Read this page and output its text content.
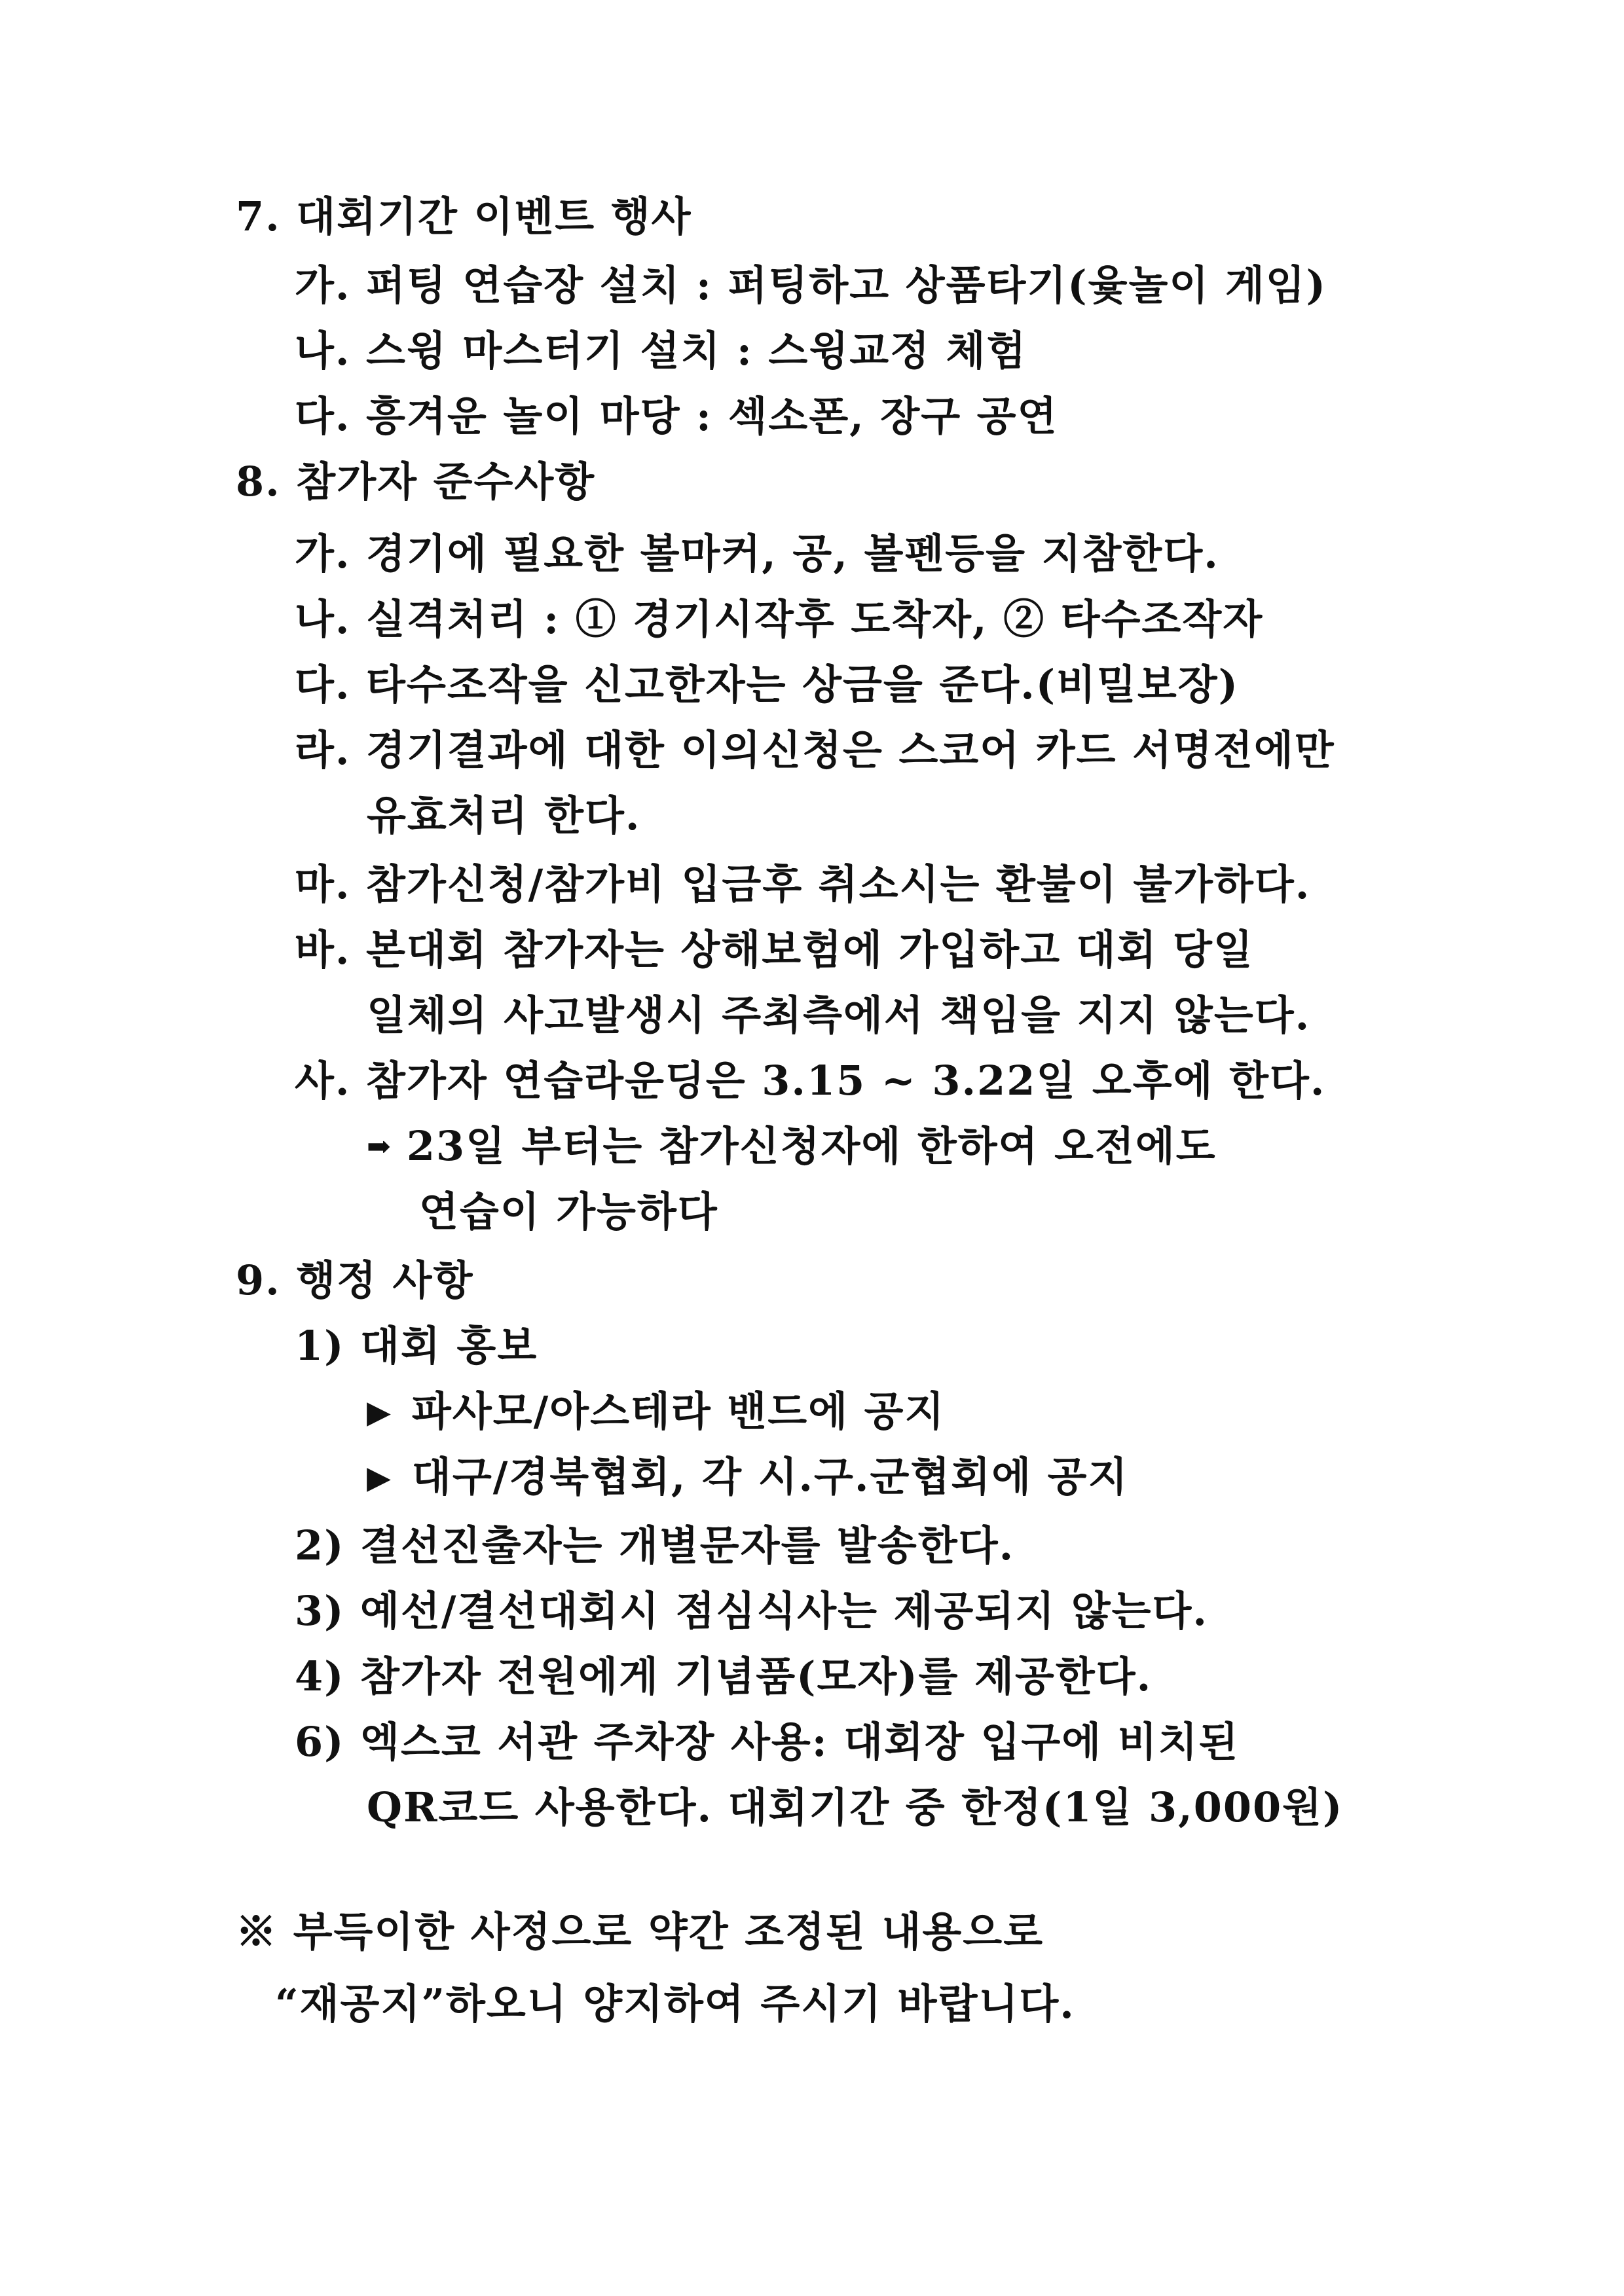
7. 대회기간 이벤트 행사
가. 퍼팅 연습장 설치 : 퍼팅하고 상품타기(윷놀이 게임)
나. 스윙 마스터기 설치 : 스윙교정 체험
다. 흥겨운 놀이 마당 : 섹소폰, 장구 공연
8. 참가자 준수사항
가. 경기에 필요한 볼마커, 공, 볼펜등을 지참한다.
나. 실격처리 : ① 경기시작후 도착자, ② 타수조작자
다. 타수조작을 신고한자는 상금을 준다.(비밀보장)
라. 경기결과에 대한 이의신청은 스코어 카드 서명전에만
유효처리 한다.
마. 참가신청/참가비 입금후 취소시는 환불이 불가하다.
바. 본대회 참가자는 상해보험에 가입하고 대회 당일
일체의 사고발생시 주최측에서 책임을 지지 않는다.
사. 참가자 연습라운딩은 3.15 ~ 3.22일 오후에 한다.
➡ 23일 부터는 참가신청자에 한하여 오전에도
연습이 가능하다
9. 행정 사항
1) 대회 홍보
▶ 파사모/아스테라 밴드에 공지
▶ 대구/경북협회, 각 시.구.군협회에 공지
2) 결선진출자는 개별문자를 발송한다.
3) 예선/결선대회시 점심식사는 제공되지 않는다.
4) 참가자 전원에게 기념품(모자)를 제공한다.
6) 엑스코 서관 주차장 사용: 대회장 입구에 비치된
QR코드 사용한다. 대회기간 중 한정(1일 3,000원)
※ 부득이한 사정으로 약간 조정된 내용으로
“재공지”하오니 양지하여 주시기 바랍니다.
